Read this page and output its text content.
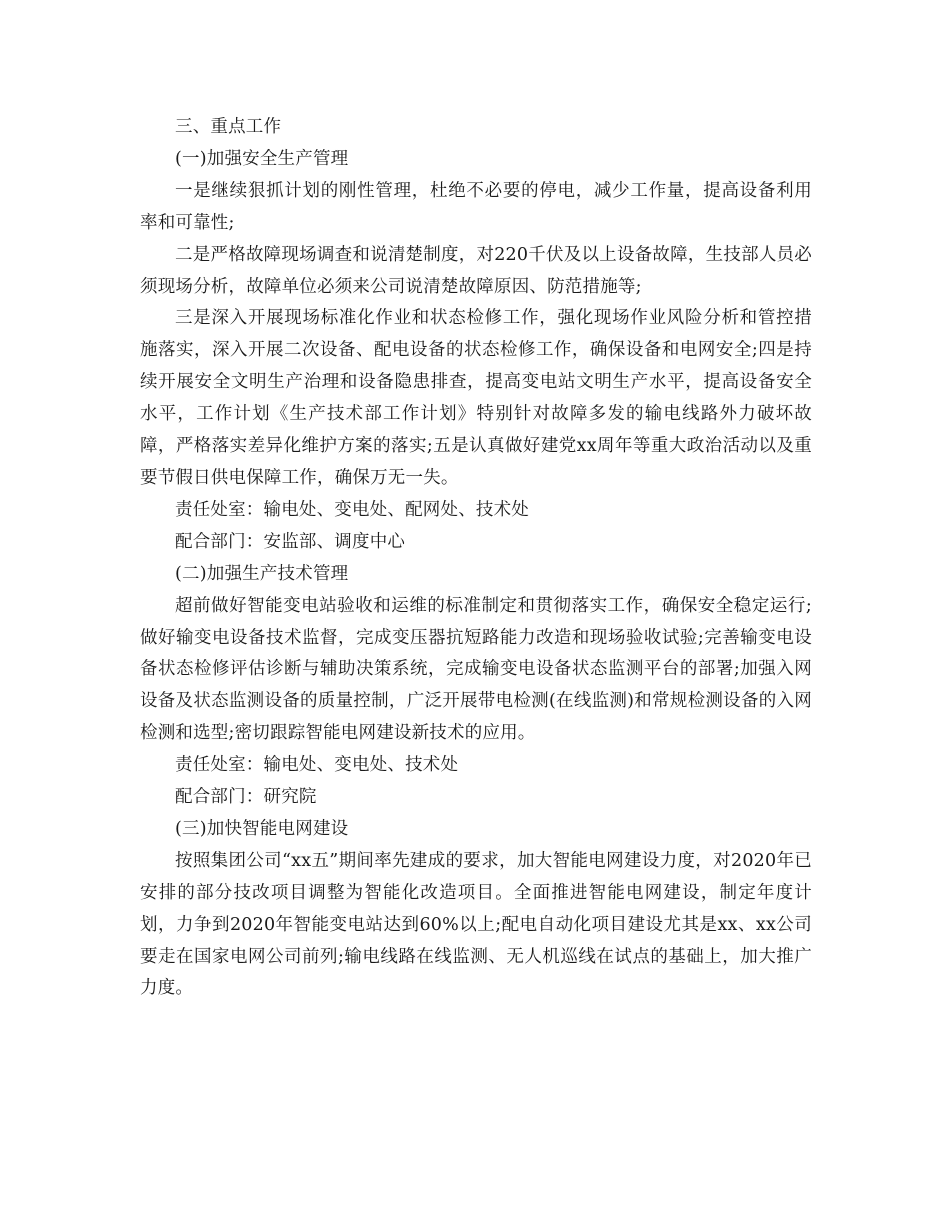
三、重点工作

(一)加强安全生产管理

一是继续狠抓计划的刚性管理，杜绝不必要的停电，减少工作量，提高设备利用率和可靠性;

二是严格故障现场调查和说清楚制度，对220千伏及以上设备故障，生技部人员必须现场分析，故障单位必须来公司说清楚故障原因、防范措施等;

三是深入开展现场标准化作业和状态检修工作，强化现场作业风险分析和管控措施落实，深入开展二次设备、配电设备的状态检修工作，确保设备和电网安全;四是持续开展安全文明生产治理和设备隐患排查，提高变电站文明生产水平，提高设备安全水平，工作计划《生产技术部工作计划》特别针对故障多发的输电线路外力破坏故障，严格落实差异化维护方案的落实;五是认真做好建党xx周年等重大政治活动以及重要节假日供电保障工作，确保万无一失。

责任处室：输电处、变电处、配网处、技术处

配合部门：安监部、调度中心

(二)加强生产技术管理

超前做好智能变电站验收和运维的标准制定和贯彻落实工作，确保安全稳定运行;做好输变电设备技术监督，完成变压器抗短路能力改造和现场验收试验;完善输变电设备状态检修评估诊断与辅助决策系统，完成输变电设备状态监测平台的部署;加强入网设备及状态监测设备的质量控制，广泛开展带电检测(在线监测)和常规检测设备的入网检测和选型;密切跟踪智能电网建设新技术的应用。

责任处室：输电处、变电处、技术处

配合部门：研究院

(三)加快智能电网建设

按照集团公司“xx五”期间率先建成的要求，加大智能电网建设力度，对2020年已安排的部分技改项目调整为智能化改造项目。全面推进智能电网建设，制定年度计划，力争到2020年智能变电站达到60%以上;配电自动化项目建设尤其是xx、xx公司要走在国家电网公司前列;输电线路在线监测、无人机巡线在试点的基础上，加大推广力度。
